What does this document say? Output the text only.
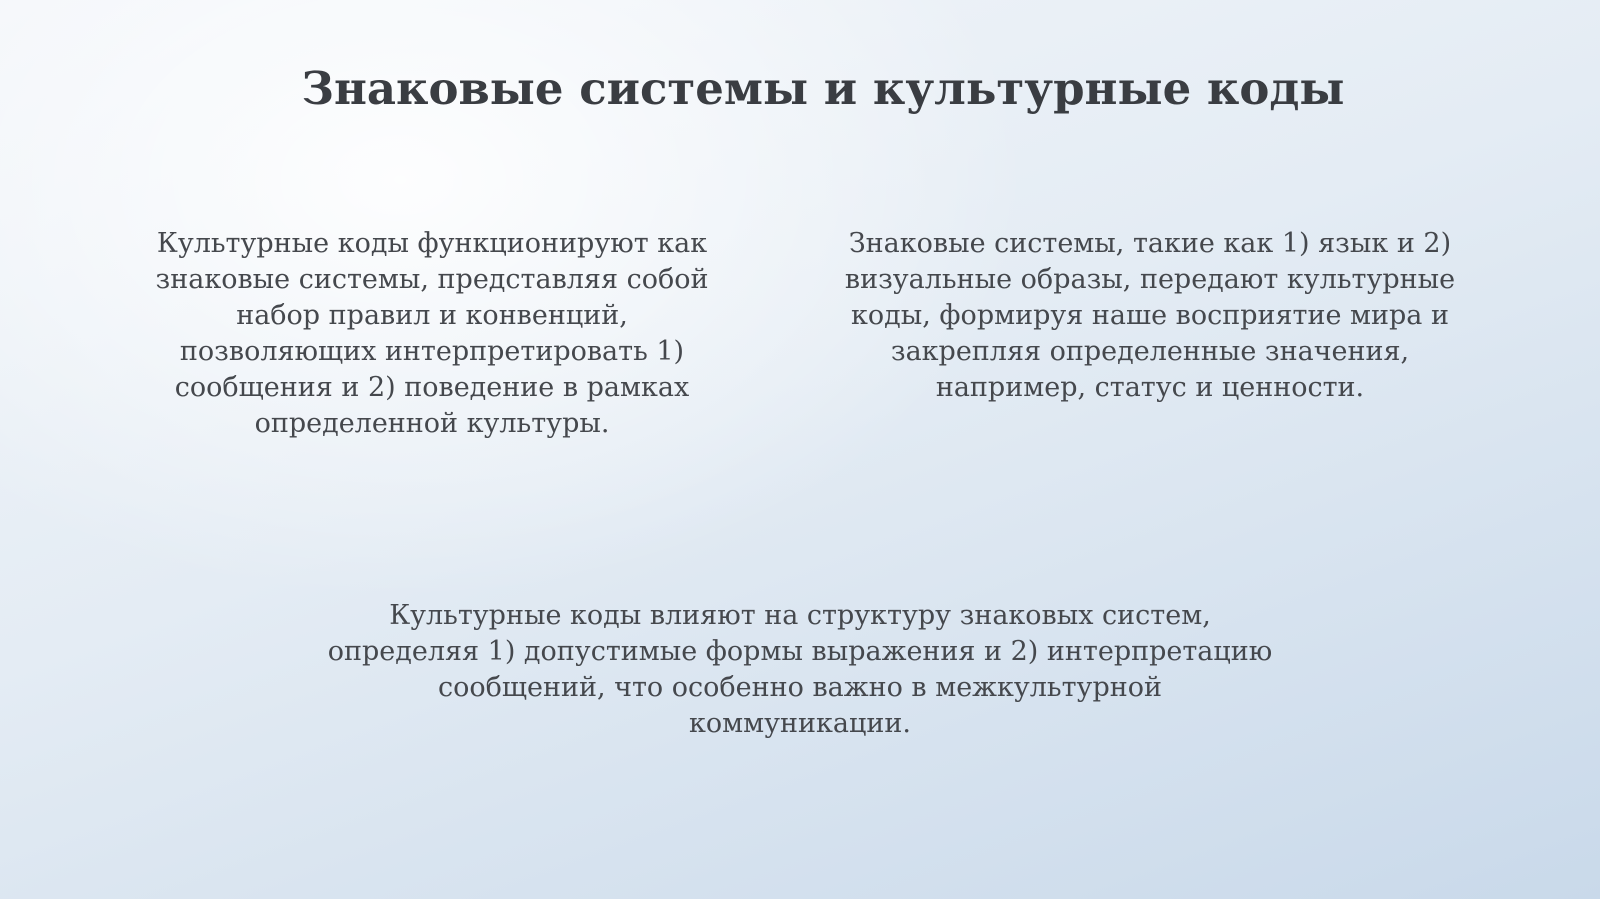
Знаковые системы и культурные коды

Культурные коды функционируют как
знаковые системы, представляя собой
набор правил и конвенций,
позволяющих интерпретировать 1)
сообщения и 2) поведение в рамках
определенной культуры.

Знаковые системы, такие как 1) язык и 2)
визуальные образы, передают культурные
коды, формируя наше восприятие мира и
закрепляя определенные значения,
например, статус и ценности.

Культурные коды влияют на структуру знаковых систем,
определяя 1) допустимые формы выражения и 2) интерпретацию
сообщений, что особенно важно в межкультурной
коммуникации.
